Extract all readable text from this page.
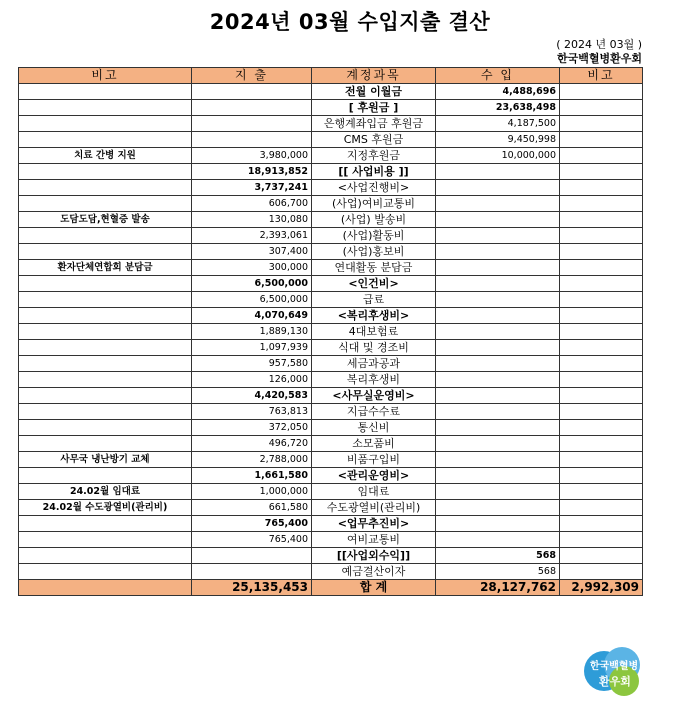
2024년 03월 수입지출 결산
( 2024 년 03월 )
한국백혈병환우회
비고	지 출	계정과목	수 입	비고
		전월 이월금	4,488,696	
		[ 후원금 ]	23,638,498	
		은행계좌입금 후원금	4,187,500	
		CMS 후원금	9,450,998	
치료 간병 지원	3,980,000	지정후원금	10,000,000	
	18,913,852	[[ 사업비용 ]]		
	3,737,241	<사업진행비>		
	606,700	(사업)여비교통비		
도담도담,현혈증 발송	130,080	(사업) 발송비		
	2,393,061	(사업)활동비		
	307,400	(사업)홍보비		
환자단체연합회 분담금	300,000	연대활동 분담금		
	6,500,000	<인건비>		
	6,500,000	급료		
	4,070,649	<복리후생비>		
	1,889,130	4대보험료		
	1,097,939	식대 및 경조비		
	957,580	세금과공과		
	126,000	복리후생비		
	4,420,583	<사무실운영비>		
	763,813	지급수수료		
	372,050	통신비		
	496,720	소모품비		
사무국 냉난방기 교체	2,788,000	비품구입비		
	1,661,580	<관리운영비>		
24.02월 임대료	1,000,000	임대료		
24.02월 수도광열비(관리비)	661,580	수도광열비(관리비)		
	765,400	<업무추진비>		
	765,400	여비교통비		
		[[사업외수익]]	568	
		예금결산이자	568	
	25,135,453	합 계	28,127,762	2,992,309
한국백혈병
환우회
